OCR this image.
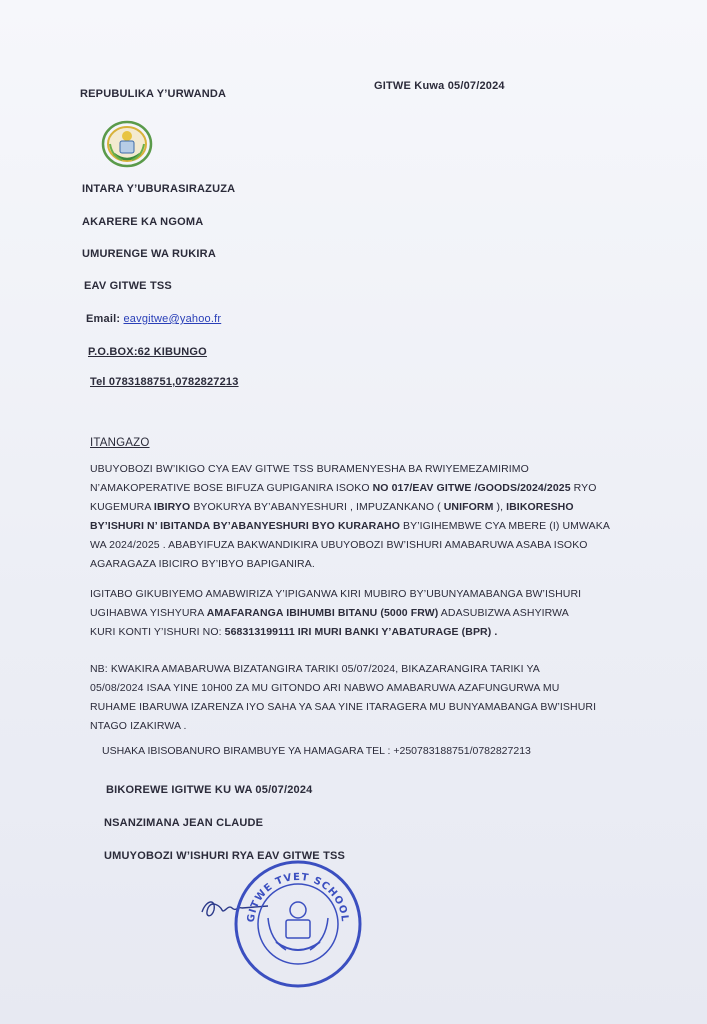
REPUBULIKA Y’URWANDA
GITWE Kuwa 05/07/2024
INTARA Y’UBURASIRAZUZA
AKARERE KA NGOMA
UMURENGE WA RUKIRA
EAV GITWE TSS
Email: eavgitwe@yahoo.fr
P.O.BOX:62 KIBUNGO
Tel 0783188751,0782827213
ITANGAZO
UBUYOBOZI BW’IKIGO CYA EAV GITWE TSS BURAMENYESHA BA RWIYEMEZAMIRIMO
N’AMAKOPERATIVE BOSE BIFUZA GUPIGANIRA ISOKO NO 017/EAV GITWE /GOODS/2024/2025 RYO
KUGEMURA IBIRYO BYOKURYA BY’ABANYESHURI , IMPUZANKANO ( UNIFORM ), IBIKORESHO
BY’ISHURI N’ IBITANDA BY’ABANYESHURI BYO KURARAHO BY’IGIHEMBWE CYA MBERE (I) UMWAKA
WA 2024/2025 . ABABYIFUZA BAKWANDIKIRA UBUYOBOZI BW’ISHURI AMABARUWA ASABA ISOKO
AGARAGAZA IBICIRO BY’IBYO BAPIGANIRA.
IGITABO GIKUBIYEMO AMABWIRIZA Y’IPIGANWA KIRI MUBIRO BY’UBUNYAMABANGA BW’ISHURI
UGIHABWA YISHYURA AMAFARANGA IBIHUMBI BITANU (5000 FRW) ADASUBIZWA ASHYIRWA
KURI KONTI Y’ISHURI NO: 568313199111 IRI MURI BANKI Y’ABATURAGE (BPR) .
NB: KWAKIRA AMABARUWA BIZATANGIRA TARIKI 05/07/2024, BIKAZARANGIRA TARIKI YA
05/08/2024 ISAA YINE 10H00 ZA MU GITONDO ARI NABWO AMABARUWA AZAFUNGURWA MU
RUHAME IBARUWA IZARENZA IYO SAHA YA SAA YINE ITARAGERA MU BUNYAMABANGA BW’ISHURI
NTAGO IZAKIRWA .
USHAKA IBISOBANURO BIRAMBUYE YA HAMAGARA TEL : +250783188751/0782827213
BIKOREWE IGITWE KU WA 05/07/2024
NSANZIMANA JEAN CLAUDE
UMUYOBOZI W’ISHURI RYA EAV GITWE TSS
GITWE TVET SCHOOL
